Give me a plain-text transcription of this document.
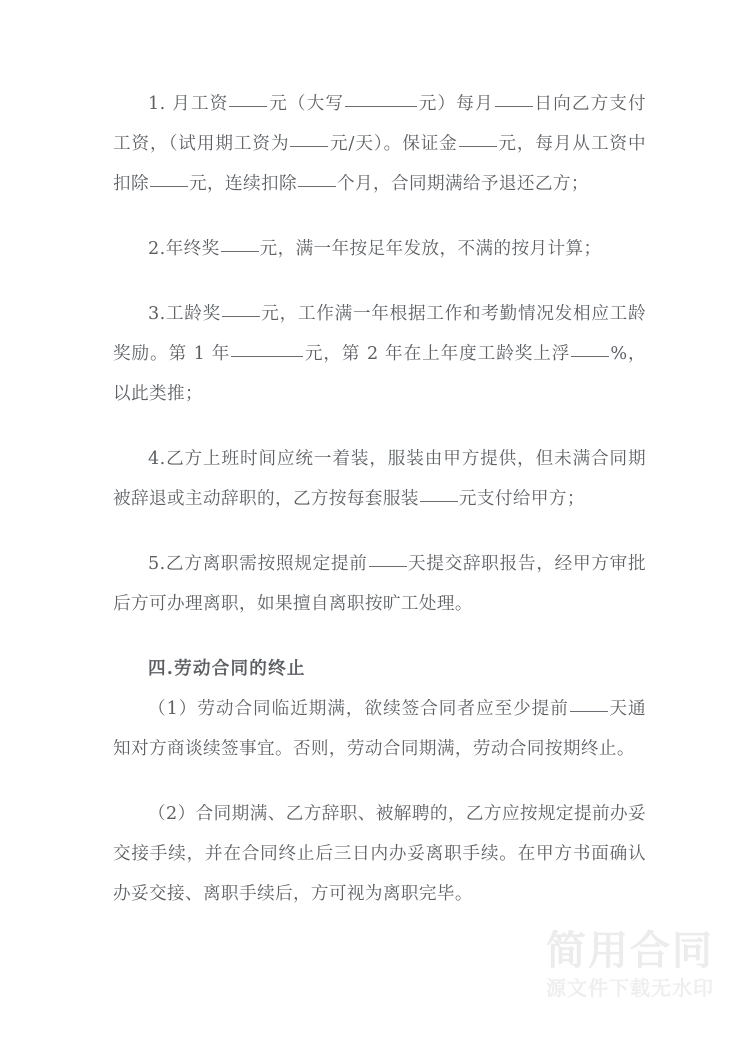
1. 月工资 元（大写	元）每月 日向乙方支付工资，（试用期工资为 元/天）。保证金 元，每月从工资中扣除 元，连续扣除 个月，合同期满给予退还乙方；

2.年终奖 元，满一年按足年发放，不满的按月计算；

3.工龄奖 元，工作满一年根据工作和考勤情况发相应工龄奖励。第 1 年	元，第 2 年在上年度工龄奖上浮 %，以此类推；

4.乙方上班时间应统一着装，服装由甲方提供，但未满合同期被辞退或主动辞职的，乙方按每套服装 元支付给甲方；

5.乙方离职需按照规定提前 天提交辞职报告，经甲方审批后方可办理离职，如果擅自离职按旷工处理。

四.劳动合同的终止

（1）劳动合同临近期满，欲续签合同者应至少提前 天通知对方商谈续签事宜。否则，劳动合同期满，劳动合同按期终止。

（2）合同期满、乙方辞职、被解聘的，乙方应按规定提前办妥交接手续，并在合同终止后三日内办妥离职手续。在甲方书面确认办妥交接、离职手续后，方可视为离职完毕。

简用合同
源文件下载无水印
